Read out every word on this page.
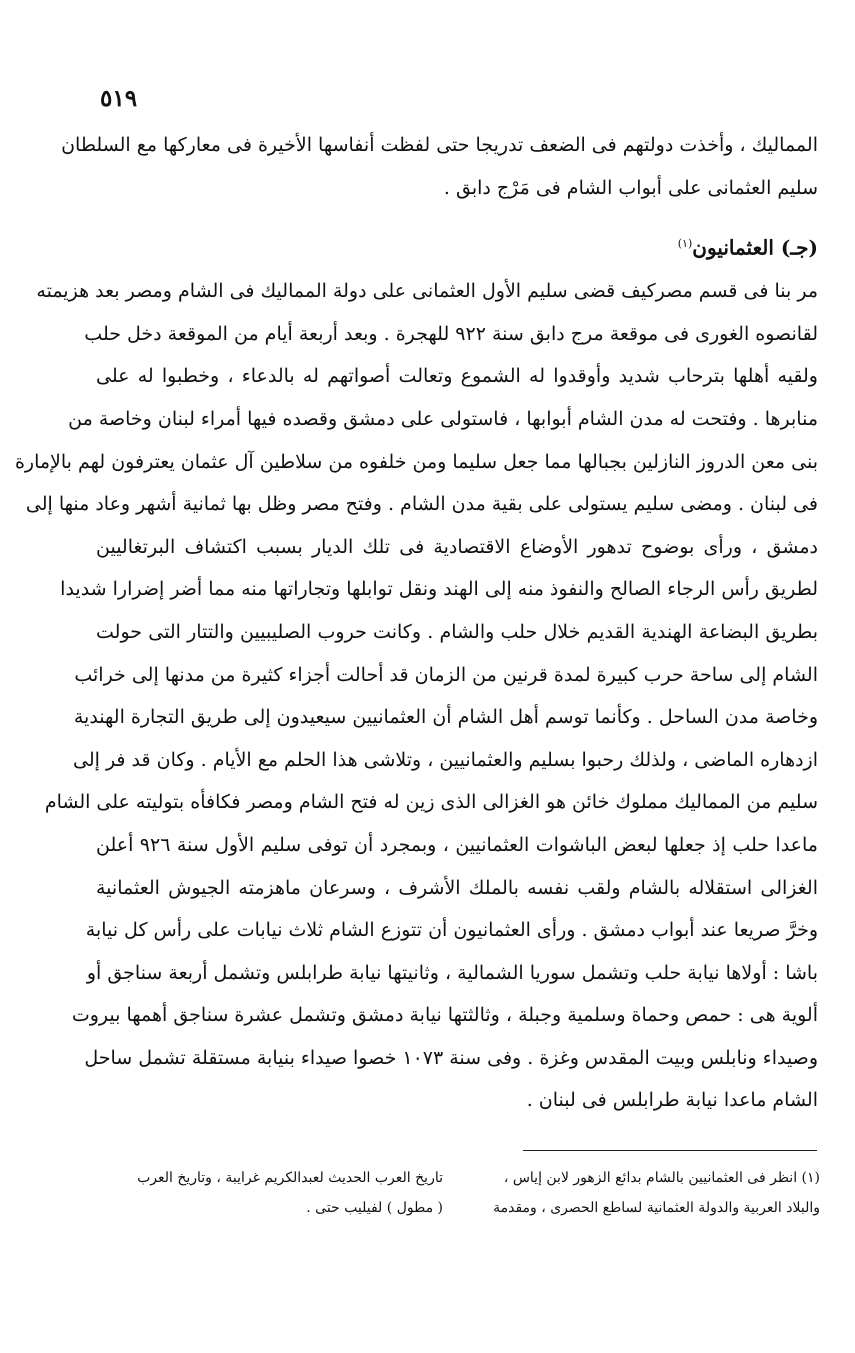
٥١٩
المماليك ، وأخذت دولتهم فى الضعف تدريجا حتى لفظت أنفاسها الأخيرة فى معاركها مع السلطان
سليم العثمانى على أبواب الشام فى مَرْج دابق .
(جـ) العثمانيون$^{(١)}$
مر بنا فى قسم مصركيف قضى سليم الأول العثمانى على دولة المماليك فى الشام ومصر بعد هزيمته
لقانصوه الغورى فى موقعة مرج دابق سنة ٩٢٢ للهجرة . وبعد أربعة أيام من الموقعة دخل حلب
ولقيه أهلها بترحاب شديد وأوقدوا له الشموع وتعالت أصواتهم له بالدعاء ، وخطبوا له على
منابرها . وفتحت له مدن الشام أبوابها ، فاستولى على دمشق وقصده فيها أمراء لبنان وخاصة من
بنى معن الدروز النازلين بجبالها مما جعل سليما ومن خلفوه من سلاطين آل عثمان يعترفون لهم بالإمارة
فى لبنان . ومضى سليم يستولى على بقية مدن الشام . وفتح مصر وظل بها ثمانية أشهر وعاد منها إلى
دمشق ، ورأى بوضوح تدهور الأوضاع الاقتصادية فى تلك الديار بسبب اكتشاف البرتغاليين
لطريق رأس الرجاء الصالح والنفوذ منه إلى الهند ونقل توابلها وتجاراتها منه مما أضر إضرارا شديدا
بطريق البضاعة الهندية القديم خلال حلب والشام . وكانت حروب الصليبيين والتتار التى حولت
الشام إلى ساحة حرب كبيرة لمدة قرنين من الزمان قد أحالت أجزاء كثيرة من مدنها إلى خرائب
وخاصة مدن الساحل . وكأنما توسم أهل الشام أن العثمانيين سيعيدون إلى طريق التجارة الهندية
ازدهاره الماضى ، ولذلك رحبوا بسليم والعثمانيين ، وتلاشى هذا الحلم مع الأيام . وكان قد فر إلى
سليم من المماليك مملوك خائن هو الغزالى الذى زين له فتح الشام ومصر فكافأه بتوليته على الشام
ماعدا حلب إذ جعلها لبعض الباشوات العثمانيين ، وبمجرد أن توفى سليم الأول سنة ٩٢٦ أعلن
الغزالى استقلاله بالشام ولقب نفسه بالملك الأشرف ، وسرعان ماهزمته الجيوش العثمانية
وخرَّ صريعا عند أبواب دمشق . ورأى العثمانيون أن تتوزع الشام ثلاث نيابات على رأس كل نيابة
باشا : أولاها نيابة حلب وتشمل سوريا الشمالية ، وثانيتها نيابة طرابلس وتشمل أربعة سناجق أو
ألوية هى : حمص وحماة وسلمية وجبلة ، وثالثتها نيابة دمشق وتشمل عشرة سناجق أهمها بيروت
وصيداء ونابلس وبيت المقدس وغزة . وفى سنة ١٠٧٣ خصوا صيداء بنيابة مستقلة تشمل ساحل
الشام ماعدا نيابة طرابلس فى لبنان .
(١) انظر فى العثمانيين بالشام بدائع الزهور لابن إياس ،
والبلاد العربية والدولة العثمانية لساطع الحصرى ، ومقدمة
تاريخ العرب الحديث لعبدالكريم غرايبة ، وتاريخ العرب
( مطول ) لفيليب حتى .
